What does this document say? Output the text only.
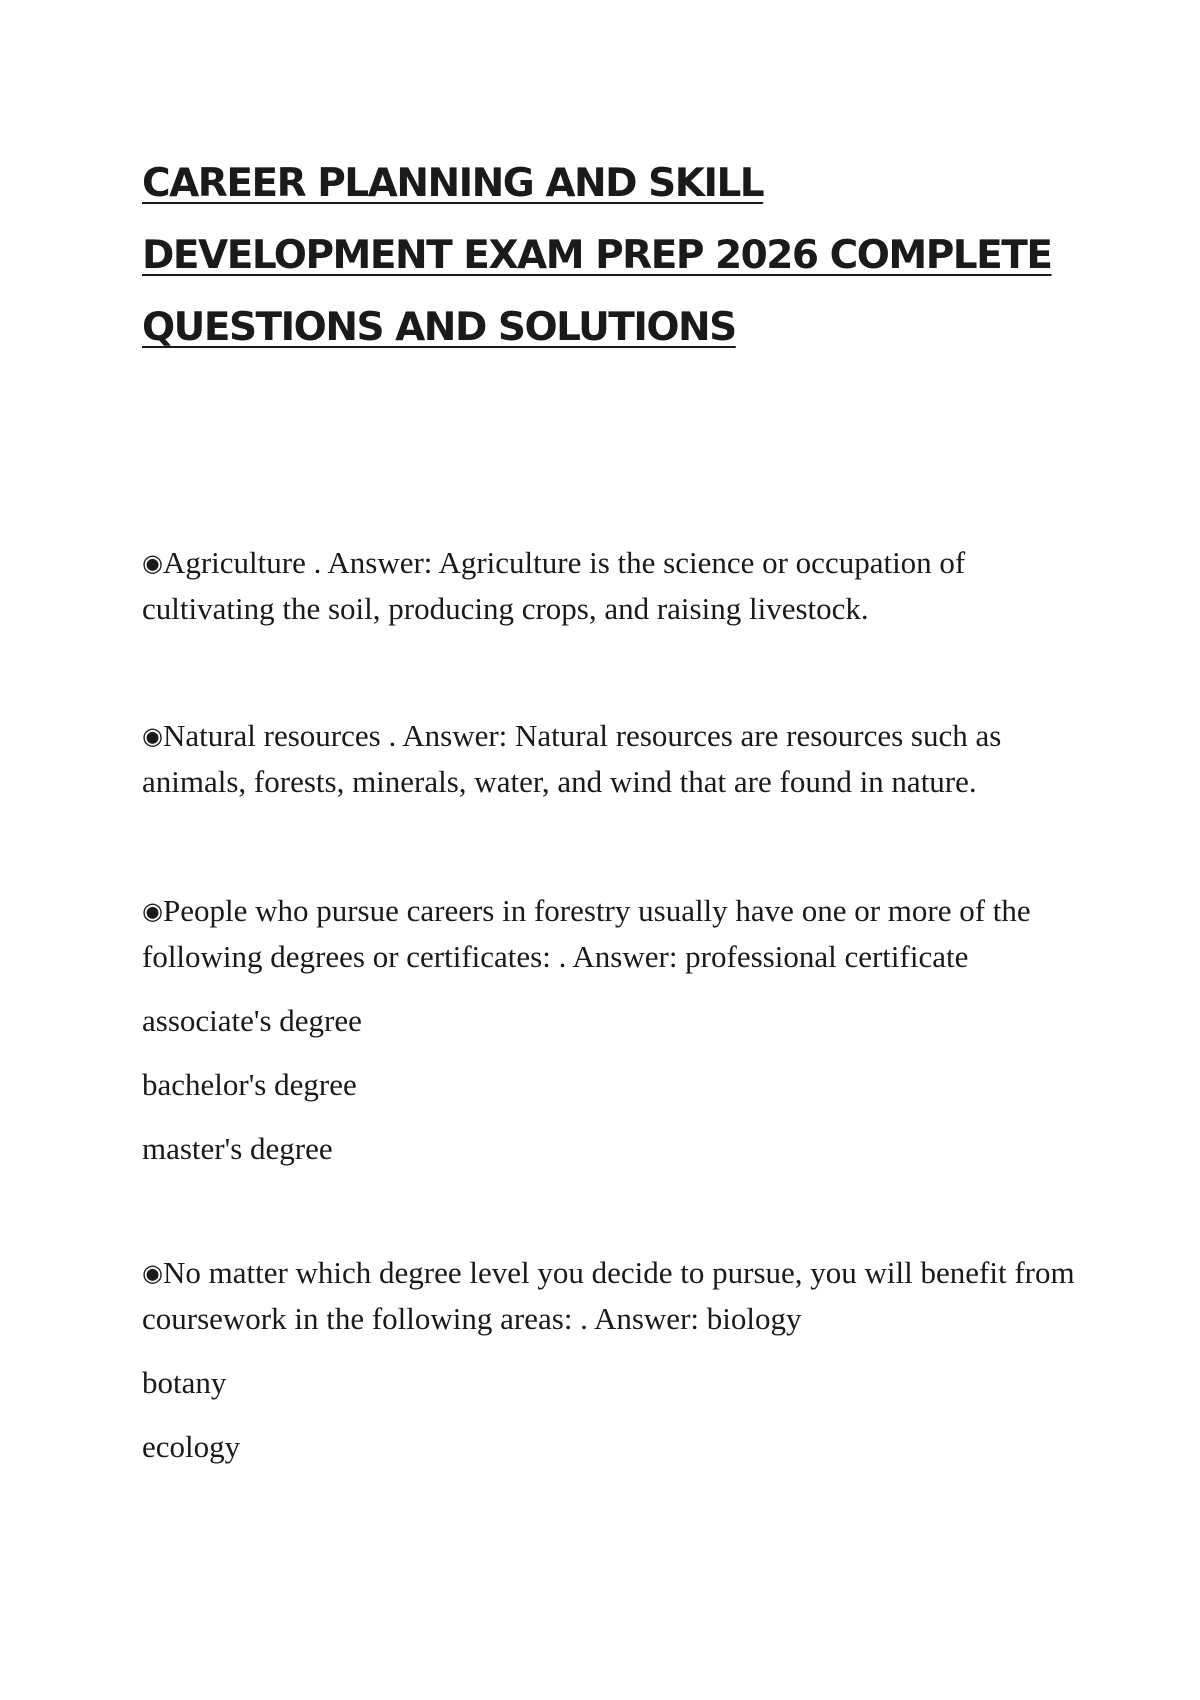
CAREER PLANNING AND SKILL DEVELOPMENT EXAM PREP 2026 COMPLETE QUESTIONS AND SOLUTIONS

◉Agriculture . Answer: Agriculture is the science or occupation of cultivating the soil, producing crops, and raising livestock.

◉Natural resources . Answer: Natural resources are resources such as animals, forests, minerals, water, and wind that are found in nature.

◉People who pursue careers in forestry usually have one or more of the following degrees or certificates: . Answer: professional certificate

associate's degree
bachelor's degree
master's degree

◉No matter which degree level you decide to pursue, you will benefit from coursework in the following areas: . Answer: biology

botany
ecology
